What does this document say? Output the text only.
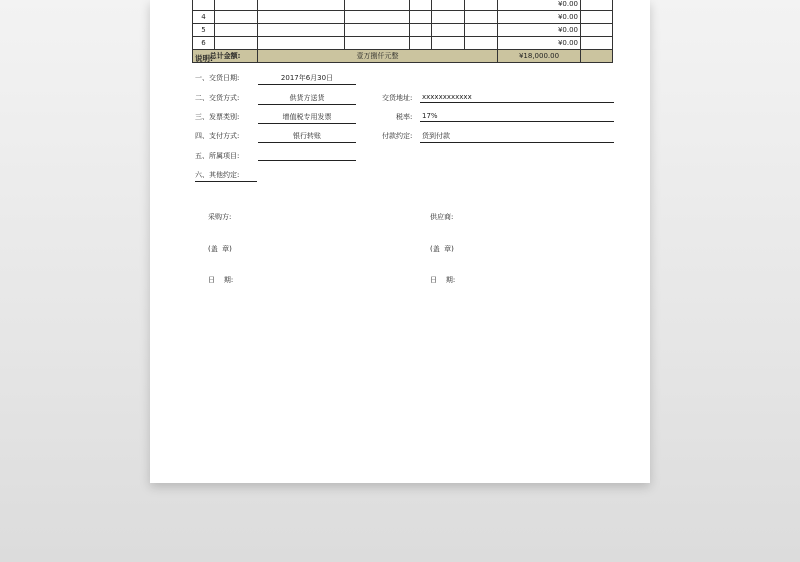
							¥0.00	
4							¥0.00	
5							¥0.00	
6							¥0.00	
总计金额:		壹万捌仟元整					¥18,000.00	
说明:
一、交货日期:	2017年6月30日
二、交货方式:	供货方送货	交货地址: xxxxxxxxxxxx
三、发票类别:	增值税专用发票	税率: 17%
四、支付方式:	银行转账	付款约定: 货到付款
五、所属项目:
六、其他约定:

采购方:

(盖  章)

日    期:

供应商:

(盖  章)

日    期:
